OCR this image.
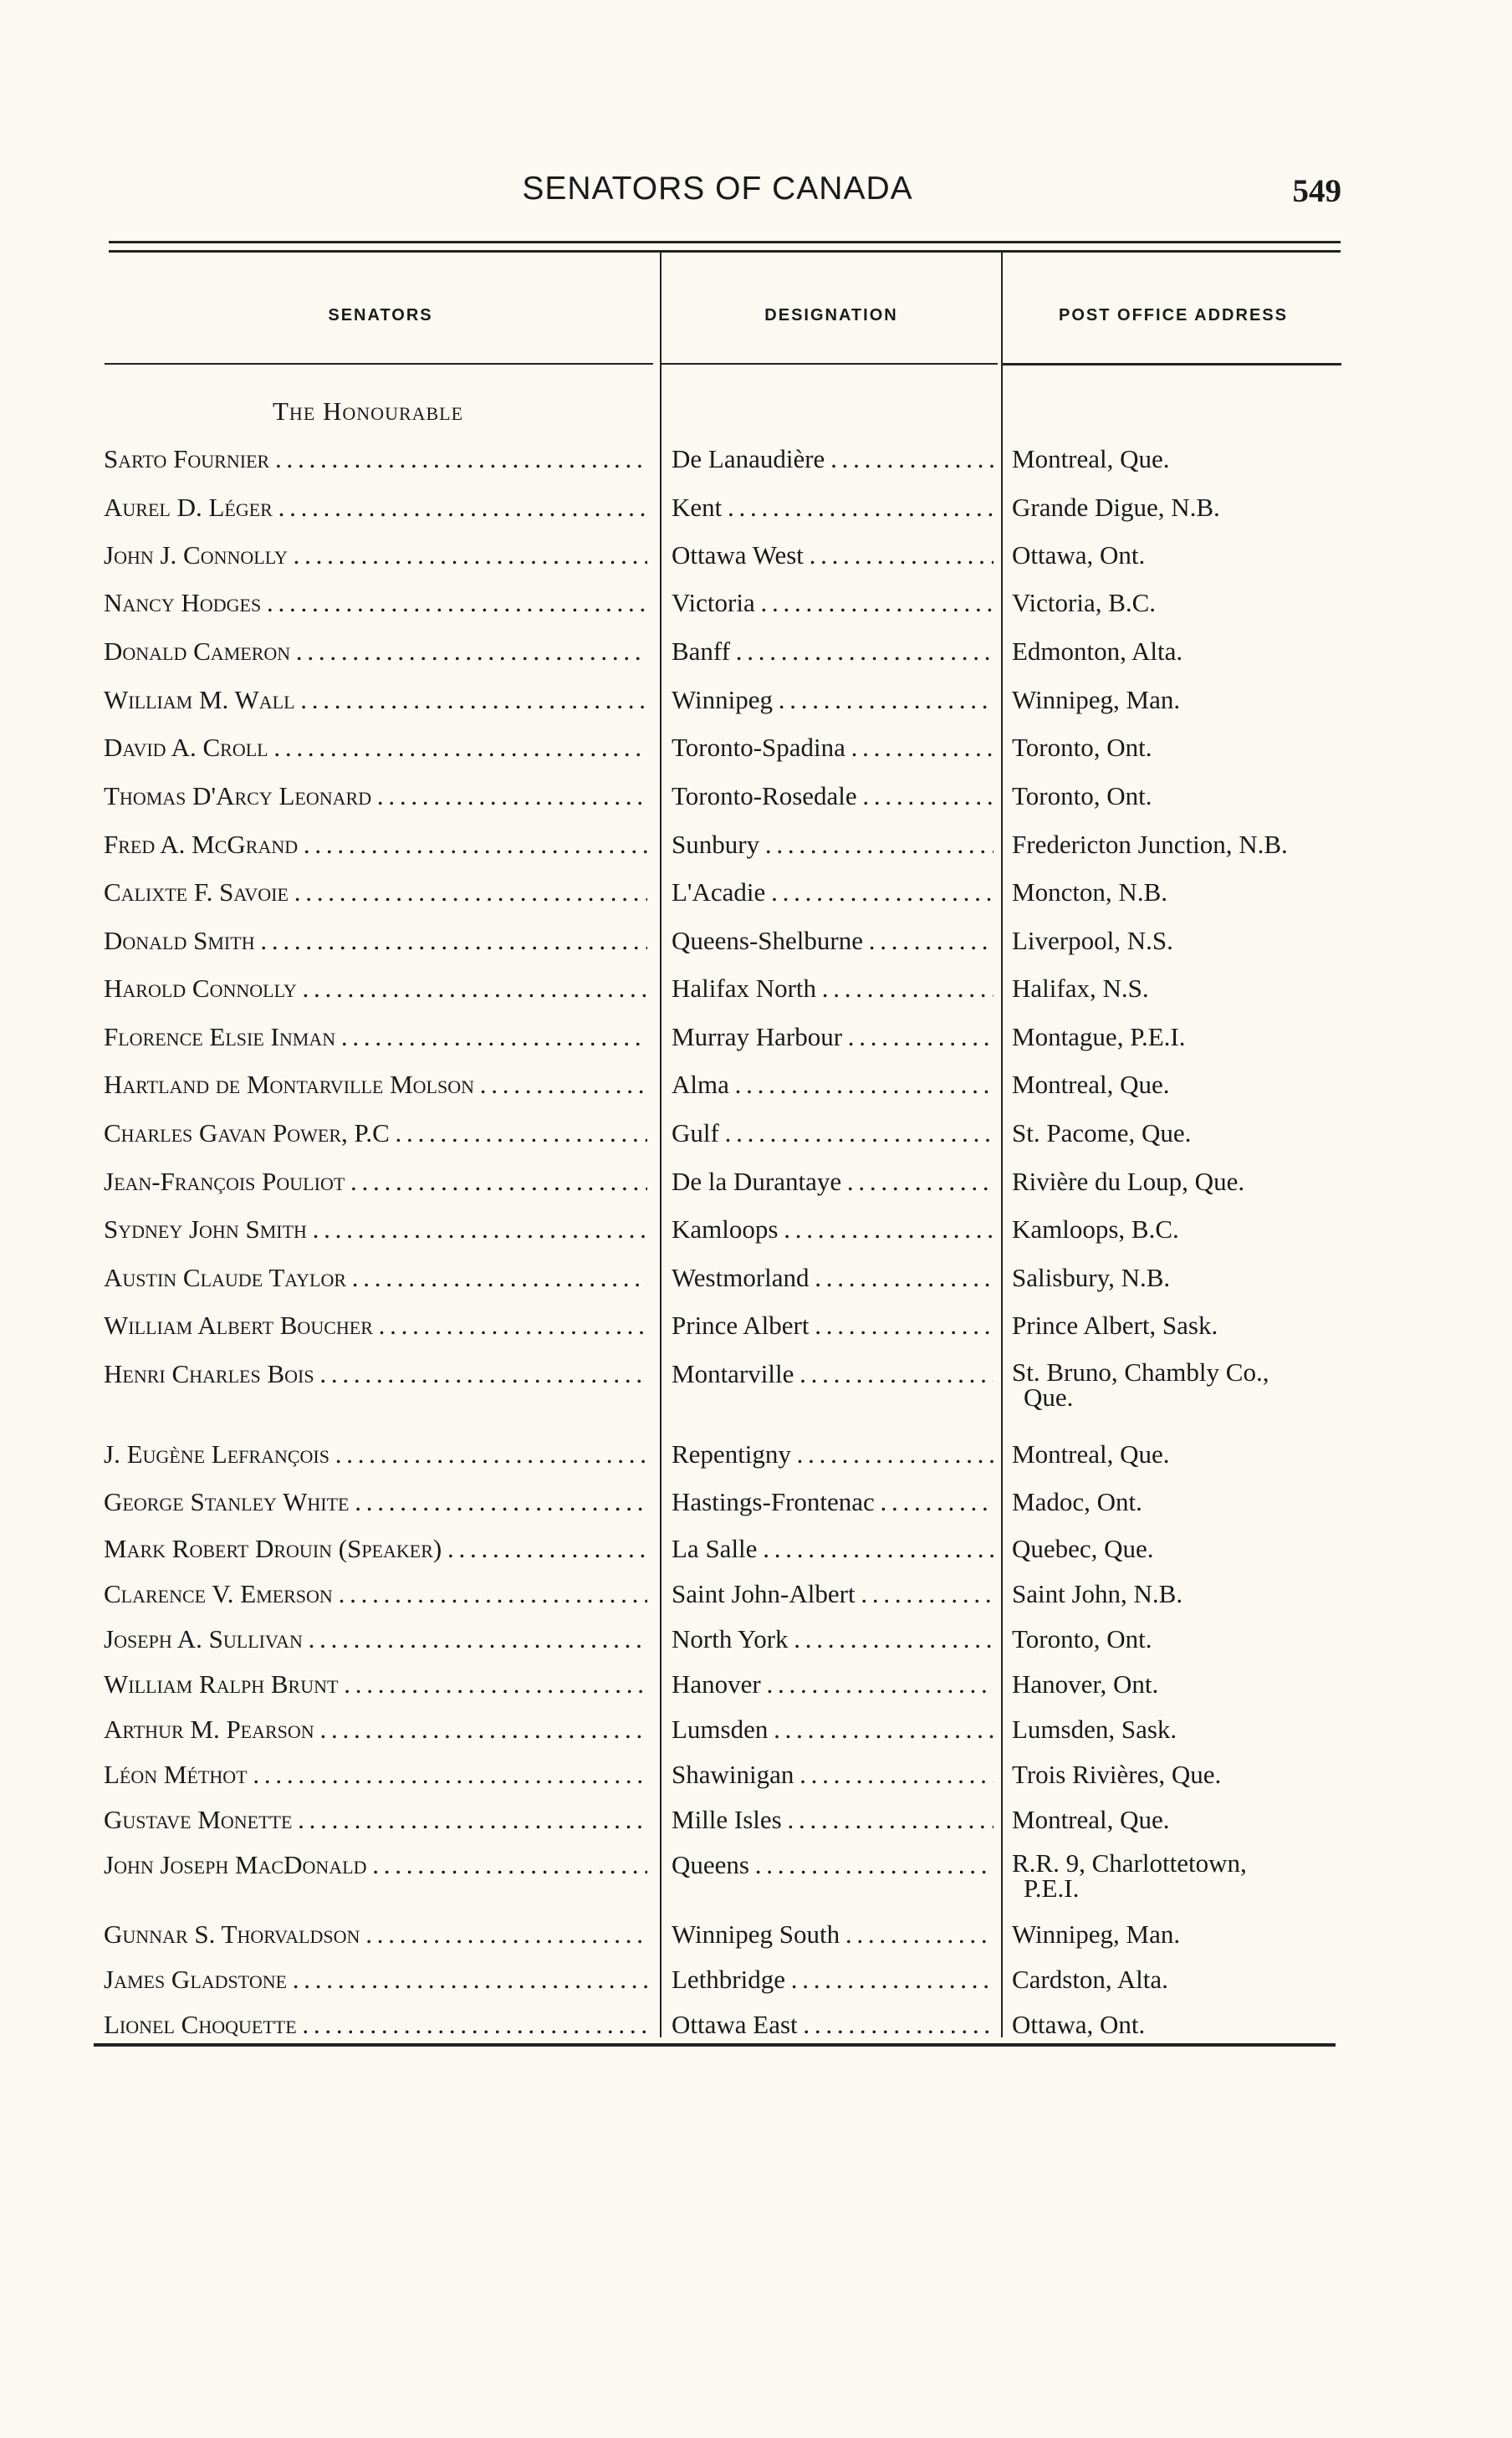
SENATORS OF CANADA	549
SENATORS	DESIGNATION	POST OFFICE ADDRESS
The Honourable
Sarto Fournier . . .	De Lanaudière . . .	Montreal, Que.
Aurel D. Léger . . .	Kent . . .	Grande Digue, N.B.
John J. Connolly . . .	Ottawa West . . .	Ottawa, Ont.
Nancy Hodges . . .	Victoria . . .	Victoria, B.C.
Donald Cameron . . .	Banff . . .	Edmonton, Alta.
William M. Wall . . .	Winnipeg . . .	Winnipeg, Man.
David A. Croll . . .	Toronto-Spadina . . .	Toronto, Ont.
Thomas D'Arcy Leonard . . .	Toronto-Rosedale . . .	Toronto, Ont.
Fred A. McGrand . . .	Sunbury . . .	Fredericton Junction, N.B.
Calixte F. Savoie . . .	L'Acadie . . .	Moncton, N.B.
Donald Smith . . .	Queens-Shelburne . . .	Liverpool, N.S.
Harold Connolly . . .	Halifax North . . .	Halifax, N.S.
Florence Elsie Inman . . .	Murray Harbour . . .	Montague, P.E.I.
Hartland de Montarville Molson . . .	Alma . . .	Montreal, Que.
Charles Gavan Power, P.C . . .	Gulf . . .	St. Pacome, Que.
Jean-François Pouliot . . .	De la Durantaye . . .	Rivière du Loup, Que.
Sydney John Smith . . .	Kamloops . . .	Kamloops, B.C.
Austin Claude Taylor . . .	Westmorland . . .	Salisbury, N.B.
William Albert Boucher . . .	Prince Albert . . .	Prince Albert, Sask.
Henri Charles Bois . . .	Montarville . . .	St. Bruno, Chambly Co.,
Que.
J. Eugène Lefrançois . . .	Repentigny . . .	Montreal, Que.
George Stanley White . . .	Hastings-Frontenac . . .	Madoc, Ont.
Mark Robert Drouin (Speaker) . . .	La Salle . . .	Quebec, Que.
Clarence V. Emerson . . .	Saint John-Albert . . .	Saint John, N.B.
Joseph A. Sullivan . . .	North York . . .	Toronto, Ont.
William Ralph Brunt . . .	Hanover . . .	Hanover, Ont.
Arthur M. Pearson . . .	Lumsden . . .	Lumsden, Sask.
Léon Méthot . . .	Shawinigan . . .	Trois Rivières, Que.
Gustave Monette . . .	Mille Isles . . .	Montreal, Que.
John Joseph MacDonald . . .	Queens . . .	R.R. 9, Charlottetown,
P.E.I.
Gunnar S. Thorvaldson . . .	Winnipeg South . . .	Winnipeg, Man.
James Gladstone . . .	Lethbridge . . .	Cardston, Alta.
Lionel Choquette . . .	Ottawa East . . .	Ottawa, Ont.
